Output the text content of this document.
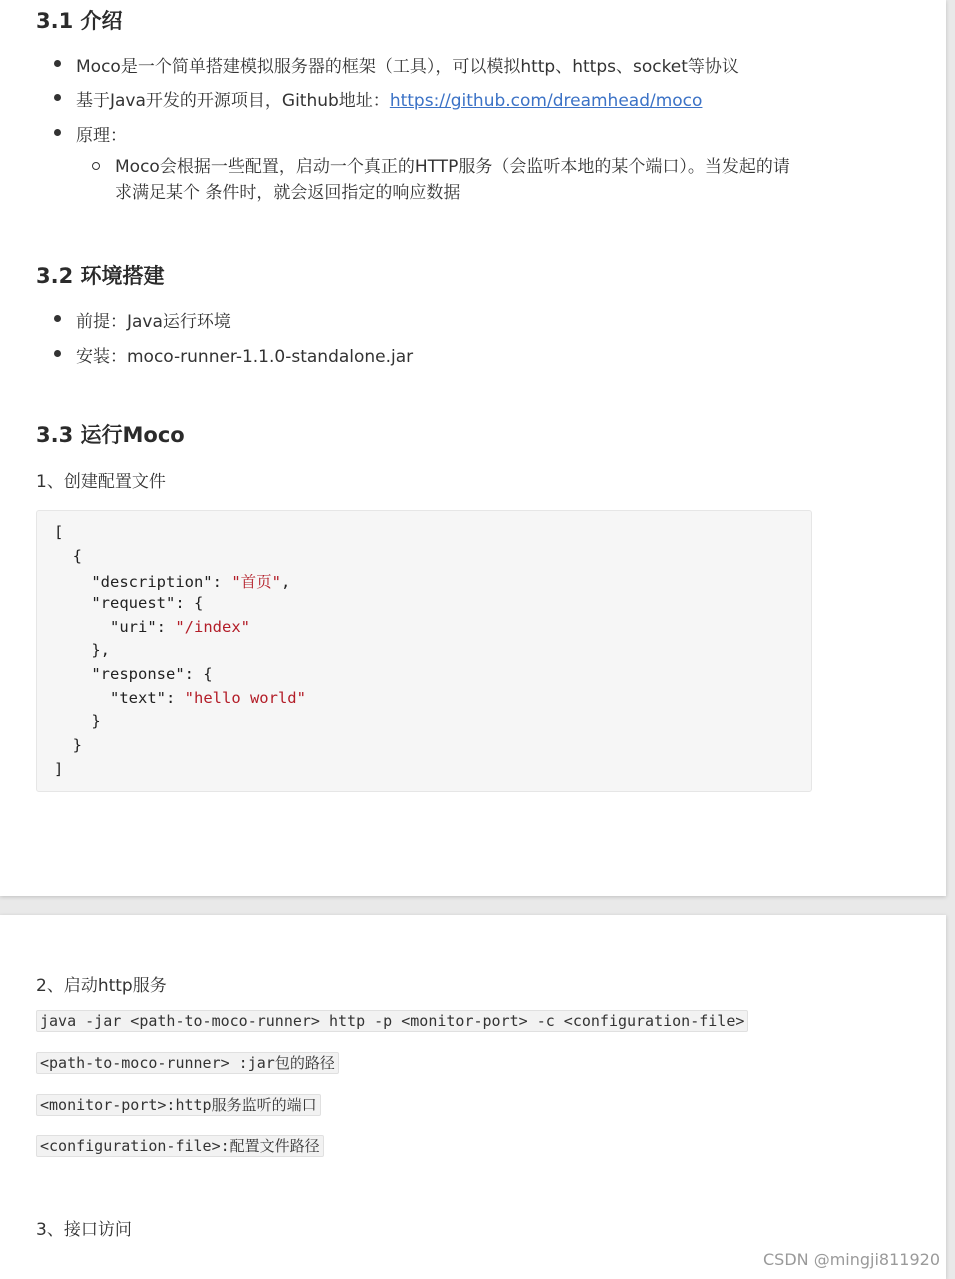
3.1 介绍
Moco是一个简单搭建模拟服务器的框架（工具），可以模拟http、https、socket等协议
基于Java开发的开源项目，Github地址：https://github.com/dreamhead/moco
原理：
Moco会根据一些配置，启动一个真正的HTTP服务（会监听本地的某个端口）。当发起的请
求满足某个 条件时，就会返回指定的响应数据
3.2 环境搭建
前提：Java运行环境
安装：moco-runner-1.1.0-standalone.jar
3.3 运行Moco
1、创建配置文件
[
{
"description": "首页",
"request": {
"uri": "/index"
},
"response": {
"text": "hello world"
}
}
]
2、启动http服务
java -jar <path-to-moco-runner> http -p <monitor-port> -c <configuration-file>
<path-to-moco-runner> :jar包的路径
<monitor-port>:http服务监听的端口
<configuration-file>:配置文件路径
3、接口访问
CSDN @mingji811920
